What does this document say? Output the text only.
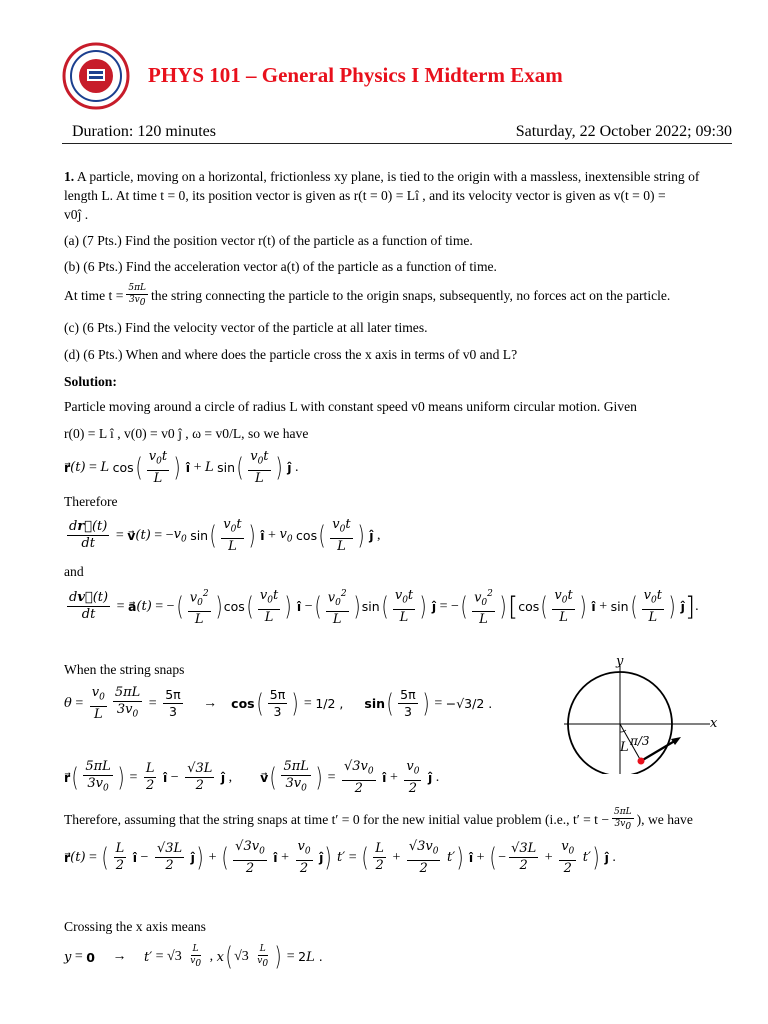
PHYS 101 – General Physics I Midterm Exam
Duration: 120 minutes	Saturday, 22 October 2022; 09:30
1. A particle, moving on a horizontal, frictionless xy plane, is tied to the origin with a massless, inextensible string of
length L. At time t = 0, its position vector is given as r(t = 0) = Lî , and its velocity vector is given as v(t = 0) =
v0ĵ .
(a) (7 Pts.) Find the position vector r(t) of the particle as a function of time.
(b) (6 Pts.) Find the acceleration vector a(t) of the particle as a function of time.
At time $t = \frac{5\pi L}{3v_0}$ the string connecting the particle to the origin snaps, subsequently, no forces act on the particle.
(c) (6 Pts.) Find the velocity vector of the particle at all later times.
(d) (6 Pts.) When and where does the particle cross the x axis in terms of v0 and L?
Solution:
Particle moving around a circle of radius L with constant speed v0 means uniform circular motion. Given
r(0) = L î , v(0) = v0 ĵ , ω = v0/L, so we have
r⃗ (t) = L
cos ( $\frac{v_0t}{L}$ )
î + L
sin ( $\frac{v_0t}{L}$ )
ĵ .
Therefore
$\frac{dr⃗(t)}{dt}$ = v⃗ (t) = − $v_0$
sin ( $\frac{v_0t}{L}$ )
î + $v_0$
cos ( $\frac{v_0t}{L}$ )
ĵ ,
and
$\frac{dv⃗(t)}{dt}$ = a⃗ (t) = − ( $\frac{v_0^2}{L}$ ) cos ( $\frac{v_0t}{L}$ )
î − ( $\frac{v_0^2}{L}$ ) sin ( $\frac{v_0t}{L}$ )
ĵ = − ( $\frac{v_0^2}{L}$ ) [ cos ( $\frac{v_0t}{L}$ )
î + sin ( $\frac{v_0t}{L}$ )
ĵ ] .
When the string snaps
$\theta = \frac{v_0}{L} \frac{5\pi L}{3v_0} = \frac{5\pi}{3} \to \cos$ ( $\frac{5\pi}{3}$ ) = 1/2 ,
sin ( $\frac{5\pi}{3}$ ) = −√3/2 .
r⃗ ( $\frac{5\pi L}{3v_0}$ ) = $\frac{L}{2}$
î − $\frac{√3L}{2}$
ĵ , v⃗ ( $\frac{5\pi L}{3v_0}$ ) = $\frac{√3v_0}{2}$
î + $\frac{v_0}{2}$
ĵ .
Therefore, assuming that the string snaps at time t′ = 0 for the new initial value problem (i.e., $t' = t - \frac{5\pi L}{3v_0}$ ), we have
r⃗ (t) = ( $\frac{L}{2}$
î − $\frac{√3L}{2}$
ĵ ) + ( $\frac{√3v_0}{2}$
î + $\frac{v_0}{2}$
ĵ )
t′ = ( $\frac{L}{2} + \frac{√3v_0}{2}$
t′ )
î + ( − $\frac{√3L}{2} + \frac{v_0}{2}$
t′ )
ĵ .
Crossing the x axis means
$y = 0 \to t' = √3 \frac{L}{v_0}$ , x ( $√3 \frac{L}{v_0}$ ) = 2L .
y
x
π/3
L
